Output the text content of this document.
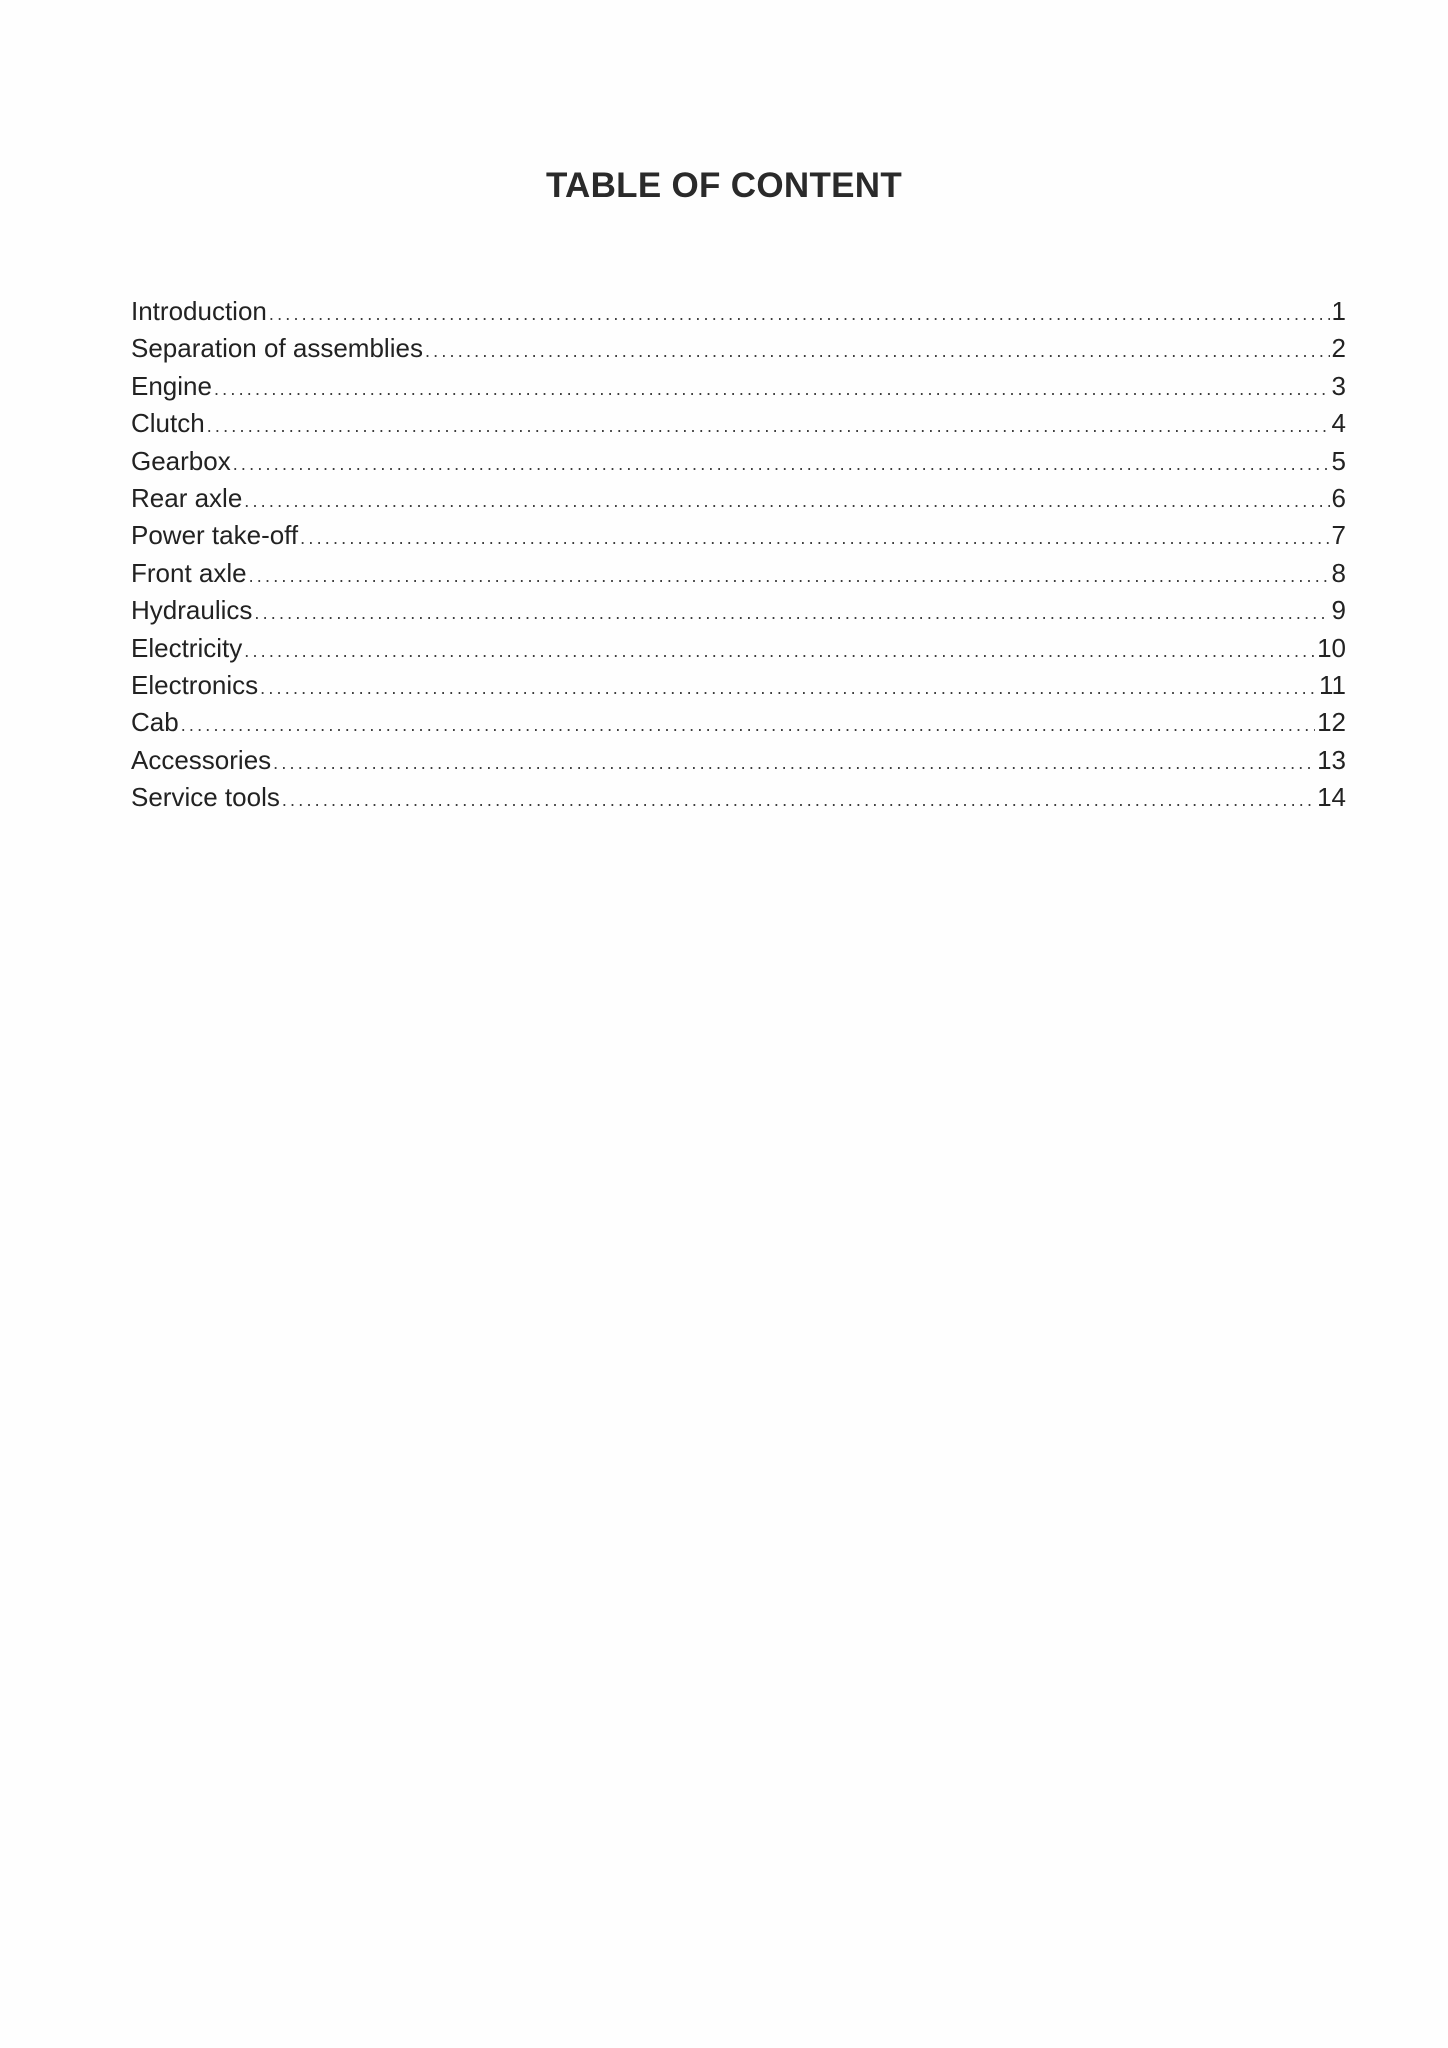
TABLE OF CONTENT
Introduction .....	1
Separation of assemblies .....	2
Engine .....	3
Clutch .....	4
Gearbox .....	5
Rear axle .....	6
Power take-off .....	7
Front axle .....	8
Hydraulics .....	9
Electricity .....	10
Electronics .....	11
Cab .....	12
Accessories .....	13
Service tools .....	14
